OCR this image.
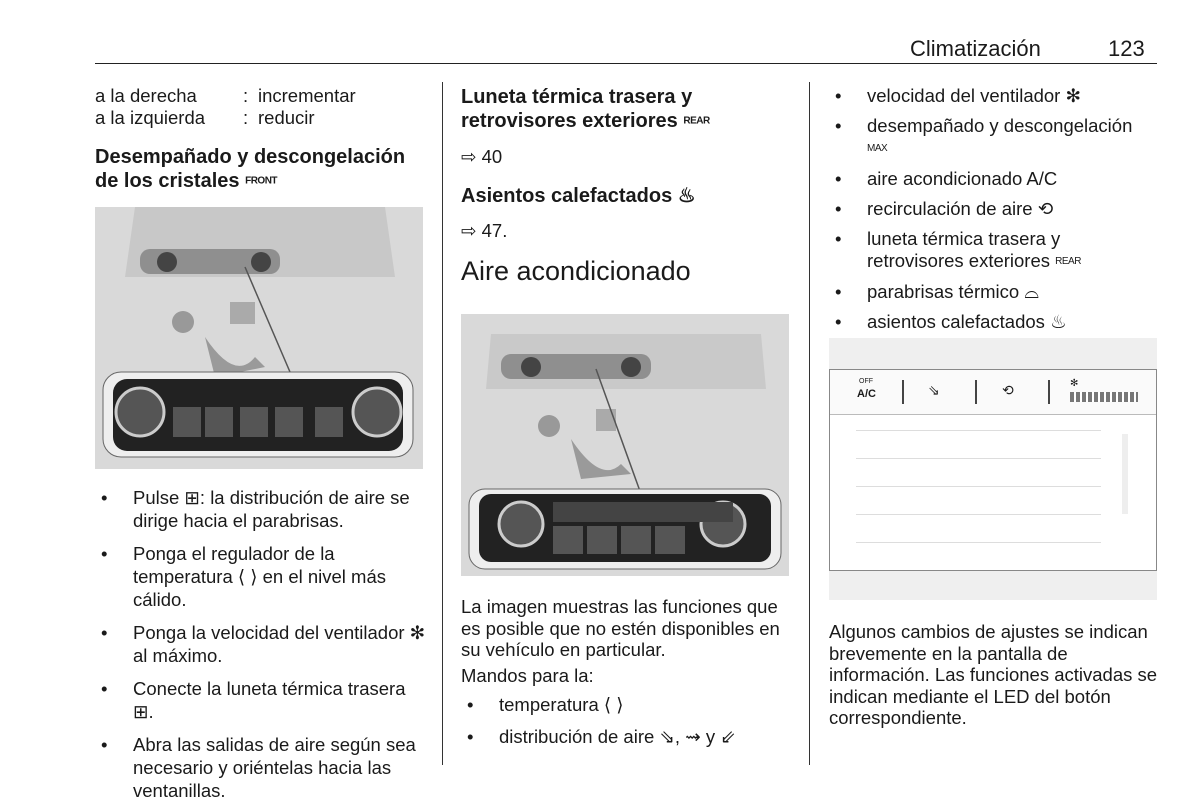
Climatización	123
a la derecha	: incrementar
a la izquierda	: reducir
Desempañado y descongelación
de los cristales FRONT
• Pulse ⊞: la distribución de aire se dirige hacia el parabrisas.
• Ponga el regulador de la temperatura ⟨ ⟩ en el nivel más cálido.
• Ponga la velocidad del ventilador ✻ al máximo.
• Conecte la luneta térmica trasera ⊞.
• Abra las salidas de aire según sea necesario y oriéntelas hacia las ventanillas.
Luneta térmica trasera y
retrovisores exteriores REAR
⇨ 40
Asientos calefactados ♨
⇨ 47.
Aire acondicionado
La imagen muestras las funciones que es posible que no estén disponibles en su vehículo en particular.
Mandos para la:
• temperatura ⟨ ⟩
• distribución de aire ⇘, ⇝ y ⇙
• velocidad del ventilador ✻
• desempañado y descongelación
MAX
• aire acondicionado A/C
• recirculación de aire ⟲
• luneta térmica trasera y retrovisores exteriores REAR
• parabrisas térmico ⌓
• asientos calefactados ♨
OFF
A/C	⇘	⟲	✻
Algunos cambios de ajustes se indican brevemente en la pantalla de información. Las funciones activadas se indican mediante el LED del botón correspondiente.
